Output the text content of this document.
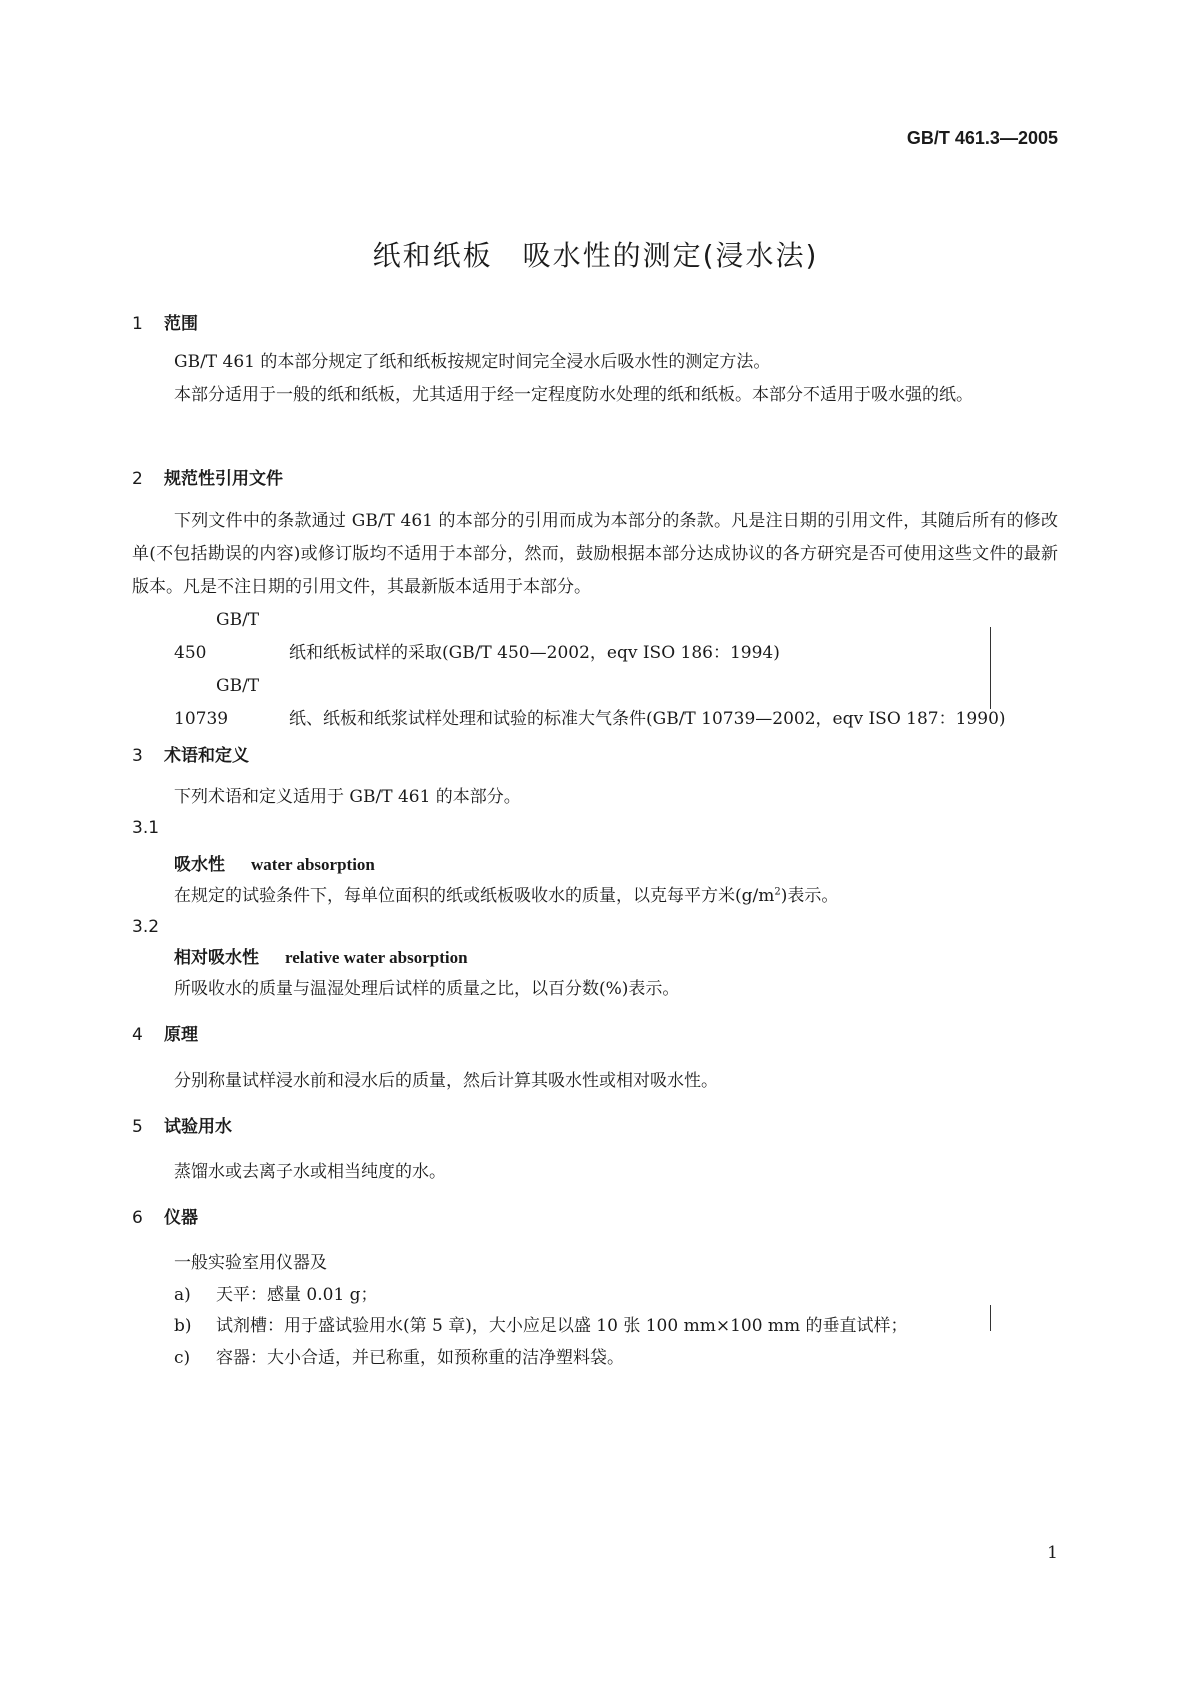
GB/T 461.3—2005
纸和纸板　吸水性的测定(浸水法)
1 范围

GB/T 461 的本部分规定了纸和纸板按规定时间完全浸水后吸水性的测定方法。

本部分适用于一般的纸和纸板，尤其适用于经一定程度防水处理的纸和纸板。本部分不适用于吸水强的纸。

2 规范性引用文件

下列文件中的条款通过 GB/T 461 的本部分的引用而成为本部分的条款。凡是注日期的引用文件，其随后所有的修改单(不包括勘误的内容)或修订版均不适用于本部分，然而，鼓励根据本部分达成协议的各方研究是否可使用这些文件的最新版本。凡是不注日期的引用文件，其最新版本适用于本部分。

GB/T 450	纸和纸板试样的采取(GB/T 450—2002，eqv ISO 186：1994)

GB/T 10739	纸、纸板和纸浆试样处理和试验的标准大气条件(GB/T 10739—2002，eqv ISO 187：1990)

3 术语和定义
下列术语和定义适用于 GB/T 461 的本部分。
3.1
吸水性 water absorption
在规定的试验条件下，每单位面积的纸或纸板吸收水的质量，以克每平方米$(g/m^2)$表示。
3.2
相对吸水性 relative water absorption
所吸收水的质量与温湿处理后试样的质量之比，以百分数(%)表示。
4 原理
分别称量试样浸水前和浸水后的质量，然后计算其吸水性或相对吸水性。
5 试验用水
蒸馏水或去离子水或相当纯度的水。
6 仪器
一般实验室用仪器及
a) 天平：感量 0.01 g；
b) 试剂槽：用于盛试验用水(第 5 章)，大小应足以盛 10 张 100 mm×100 mm 的垂直试样；
c) 容器：大小合适，并已称重，如预称重的洁净塑料袋。
1
